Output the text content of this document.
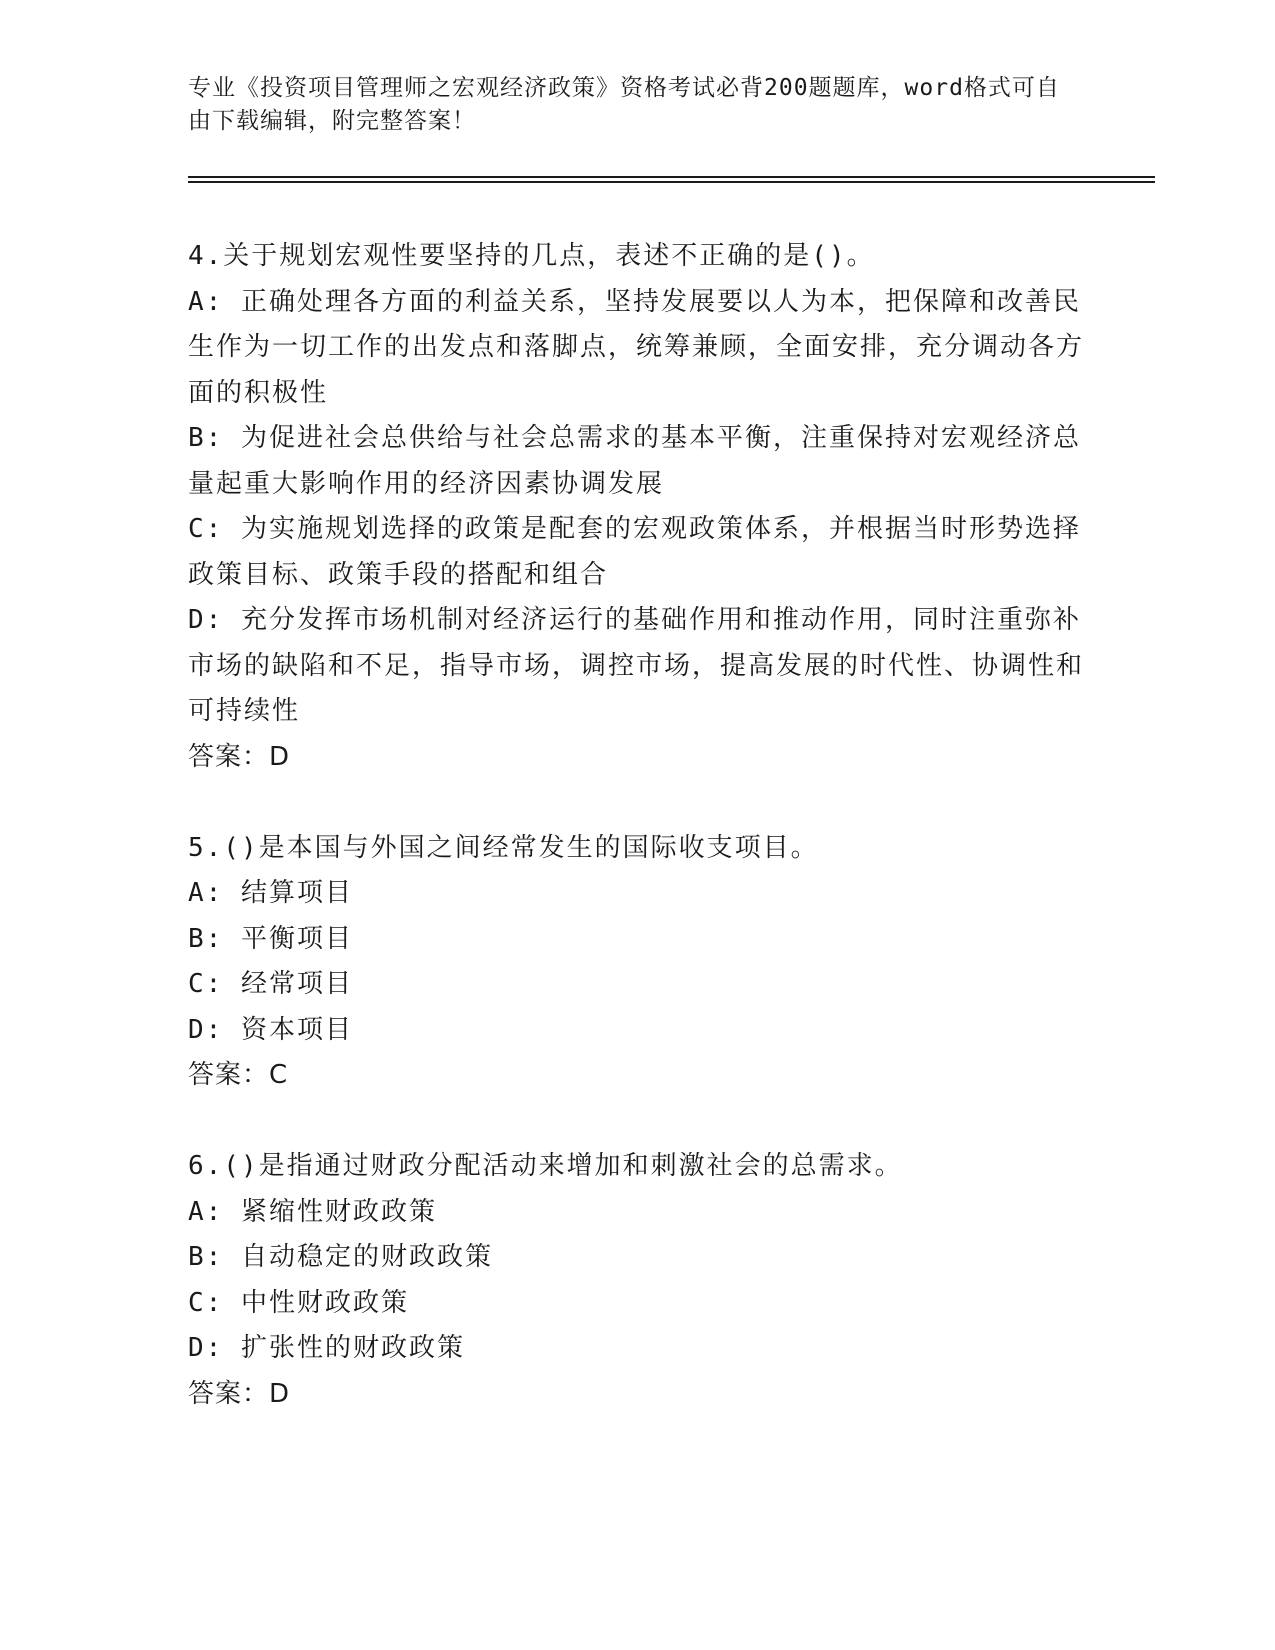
专业《投资项目管理师之宏观经济政策》资格考试必背200题题库，word格式可自由下载编辑，附完整答案！

4.关于规划宏观性要坚持的几点，表述不正确的是()。

A: 正确处理各方面的利益关系，坚持发展要以人为本，把保障和改善民生作为一切工作的出发点和落脚点，统筹兼顾，全面安排，充分调动各方面的积极性

B: 为促进社会总供给与社会总需求的基本平衡，注重保持对宏观经济总量起重大影响作用的经济因素协调发展

C: 为实施规划选择的政策是配套的宏观政策体系，并根据当时形势选择政策目标、政策手段的搭配和组合

D: 充分发挥市场机制对经济运行的基础作用和推动作用，同时注重弥补市场的缺陷和不足，指导市场，调控市场，提高发展的时代性、协调性和可持续性

答案：D

5.()是本国与外国之间经常发生的国际收支项目。

A: 结算项目

B: 平衡项目

C: 经常项目

D: 资本项目

答案：C

6.()是指通过财政分配活动来增加和刺激社会的总需求。

A: 紧缩性财政政策

B: 自动稳定的财政政策

C: 中性财政政策

D: 扩张性的财政政策

答案：D
